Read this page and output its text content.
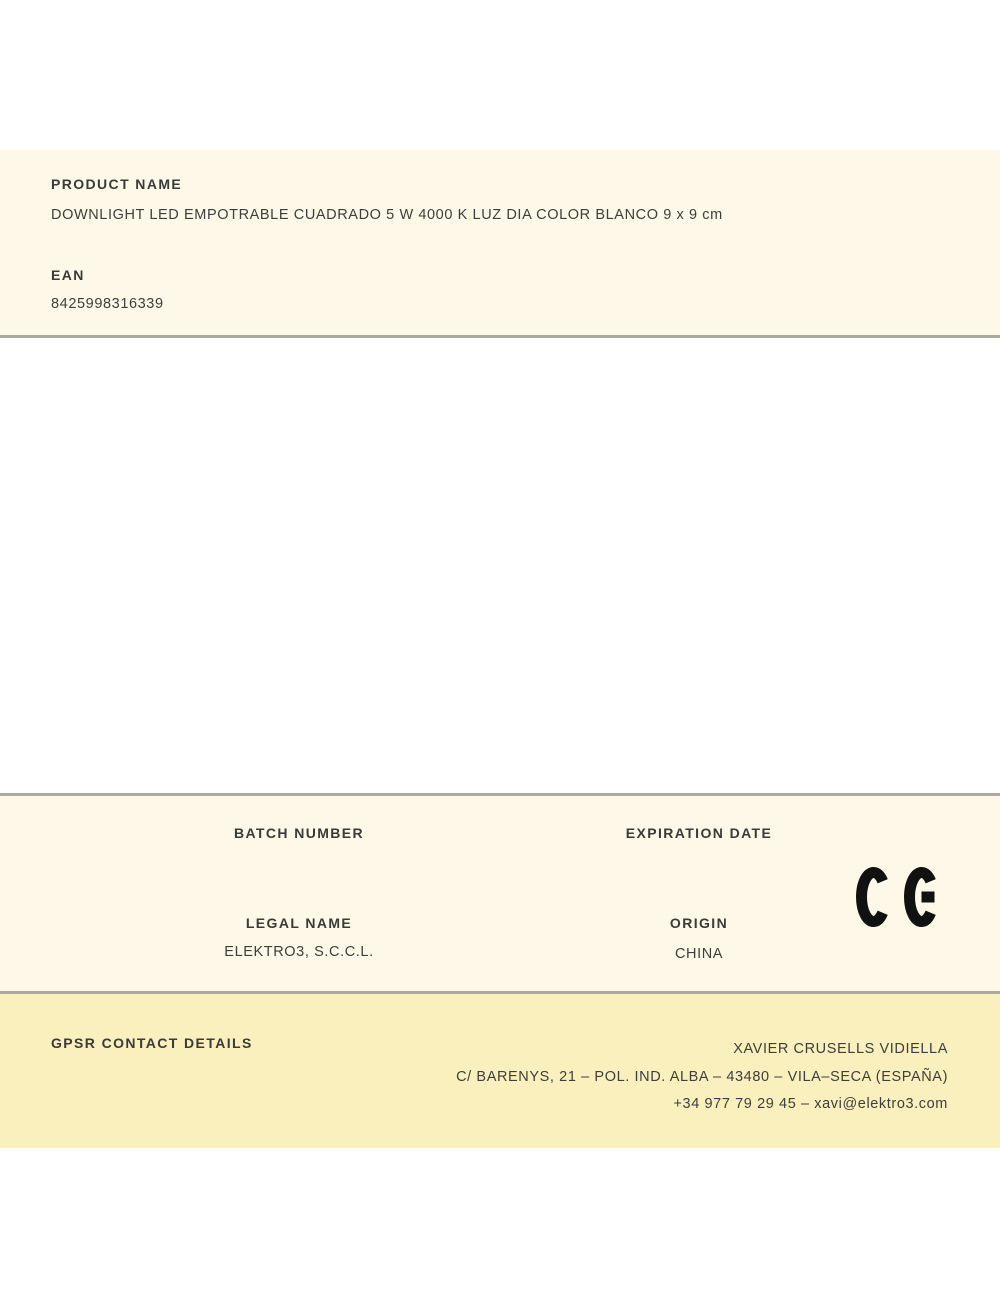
PRODUCT NAME
DOWNLIGHT LED EMPOTRABLE CUADRADO 5 W 4000 K LUZ DIA COLOR BLANCO 9 x 9 cm
EAN
8425998316339
BATCH NUMBER
LEGAL NAME
ELEKTRO3, S.C.C.L.
EXPIRATION DATE
ORIGIN
CHINA
GPSR CONTACT DETAILS	XAVIER CRUSELLS VIDIELLA
C/ BARENYS, 21 – POL. IND. ALBA – 43480 – VILA–SECA (ESPAÑA)
+34 977 79 29 45 – xavi@elektro3.com
